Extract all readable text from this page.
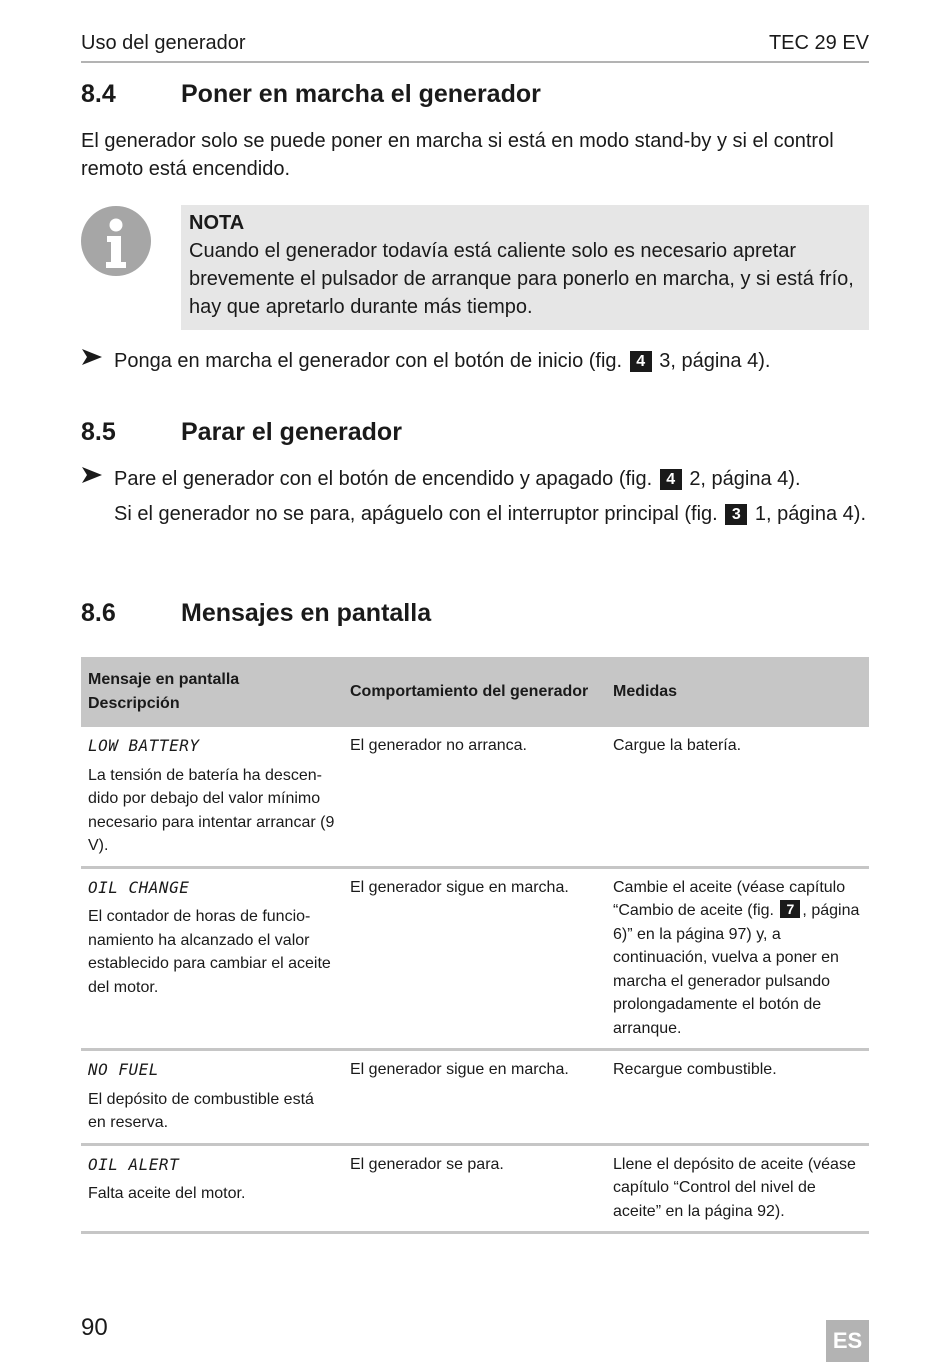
Uso del generador	TEC 29 EV
8.4	Poner en marcha el generador

El generador solo se puede poner en marcha si está en modo stand-by y si el control remoto está encendido.

NOTA

Cuando el generador todavía está caliente solo es necesario apretar brevemente el pulsador de arranque para ponerlo en marcha, y si está frío, hay que apretarlo durante más tiempo.

Ponga en marcha el generador con el botón de inicio (fig. 4 3, página 4).
8.5	Parar el generador
Pare el generador con el botón de encendido y apagado (fig. 4 2, página 4).
Si el generador no se para, apáguelo con el interruptor principal (fig. 3 1, página 4).
8.6	Mensajes en pantalla
Mensaje en pantalla
Descripción	Comportamiento del generador	Medidas

LOW BATTERY
La tensión de batería ha descen-dido por debajo del valor mínimo necesario para intentar arrancar (9 V).	El generador no arranca.	Cargue la batería.

OIL CHANGE
El contador de horas de funcio-namiento ha alcanzado el valor establecido para cambiar el aceite del motor.	El generador sigue en marcha.	Cambie el aceite (véase capítulo “Cambio de aceite (fig. 7 , página 6)” en la página 97) y, a continuación, vuelva a poner en marcha el generador pulsando prolongadamente el botón de arranque.

NO FUEL
El depósito de combustible está en reserva.	El generador sigue en marcha.	Recargue combustible.

OIL ALERT
Falta aceite del motor.	El generador se para.	Llene el depósito de aceite (véase capítulo “Control del nivel de aceite” en la página 92).
90	ES
